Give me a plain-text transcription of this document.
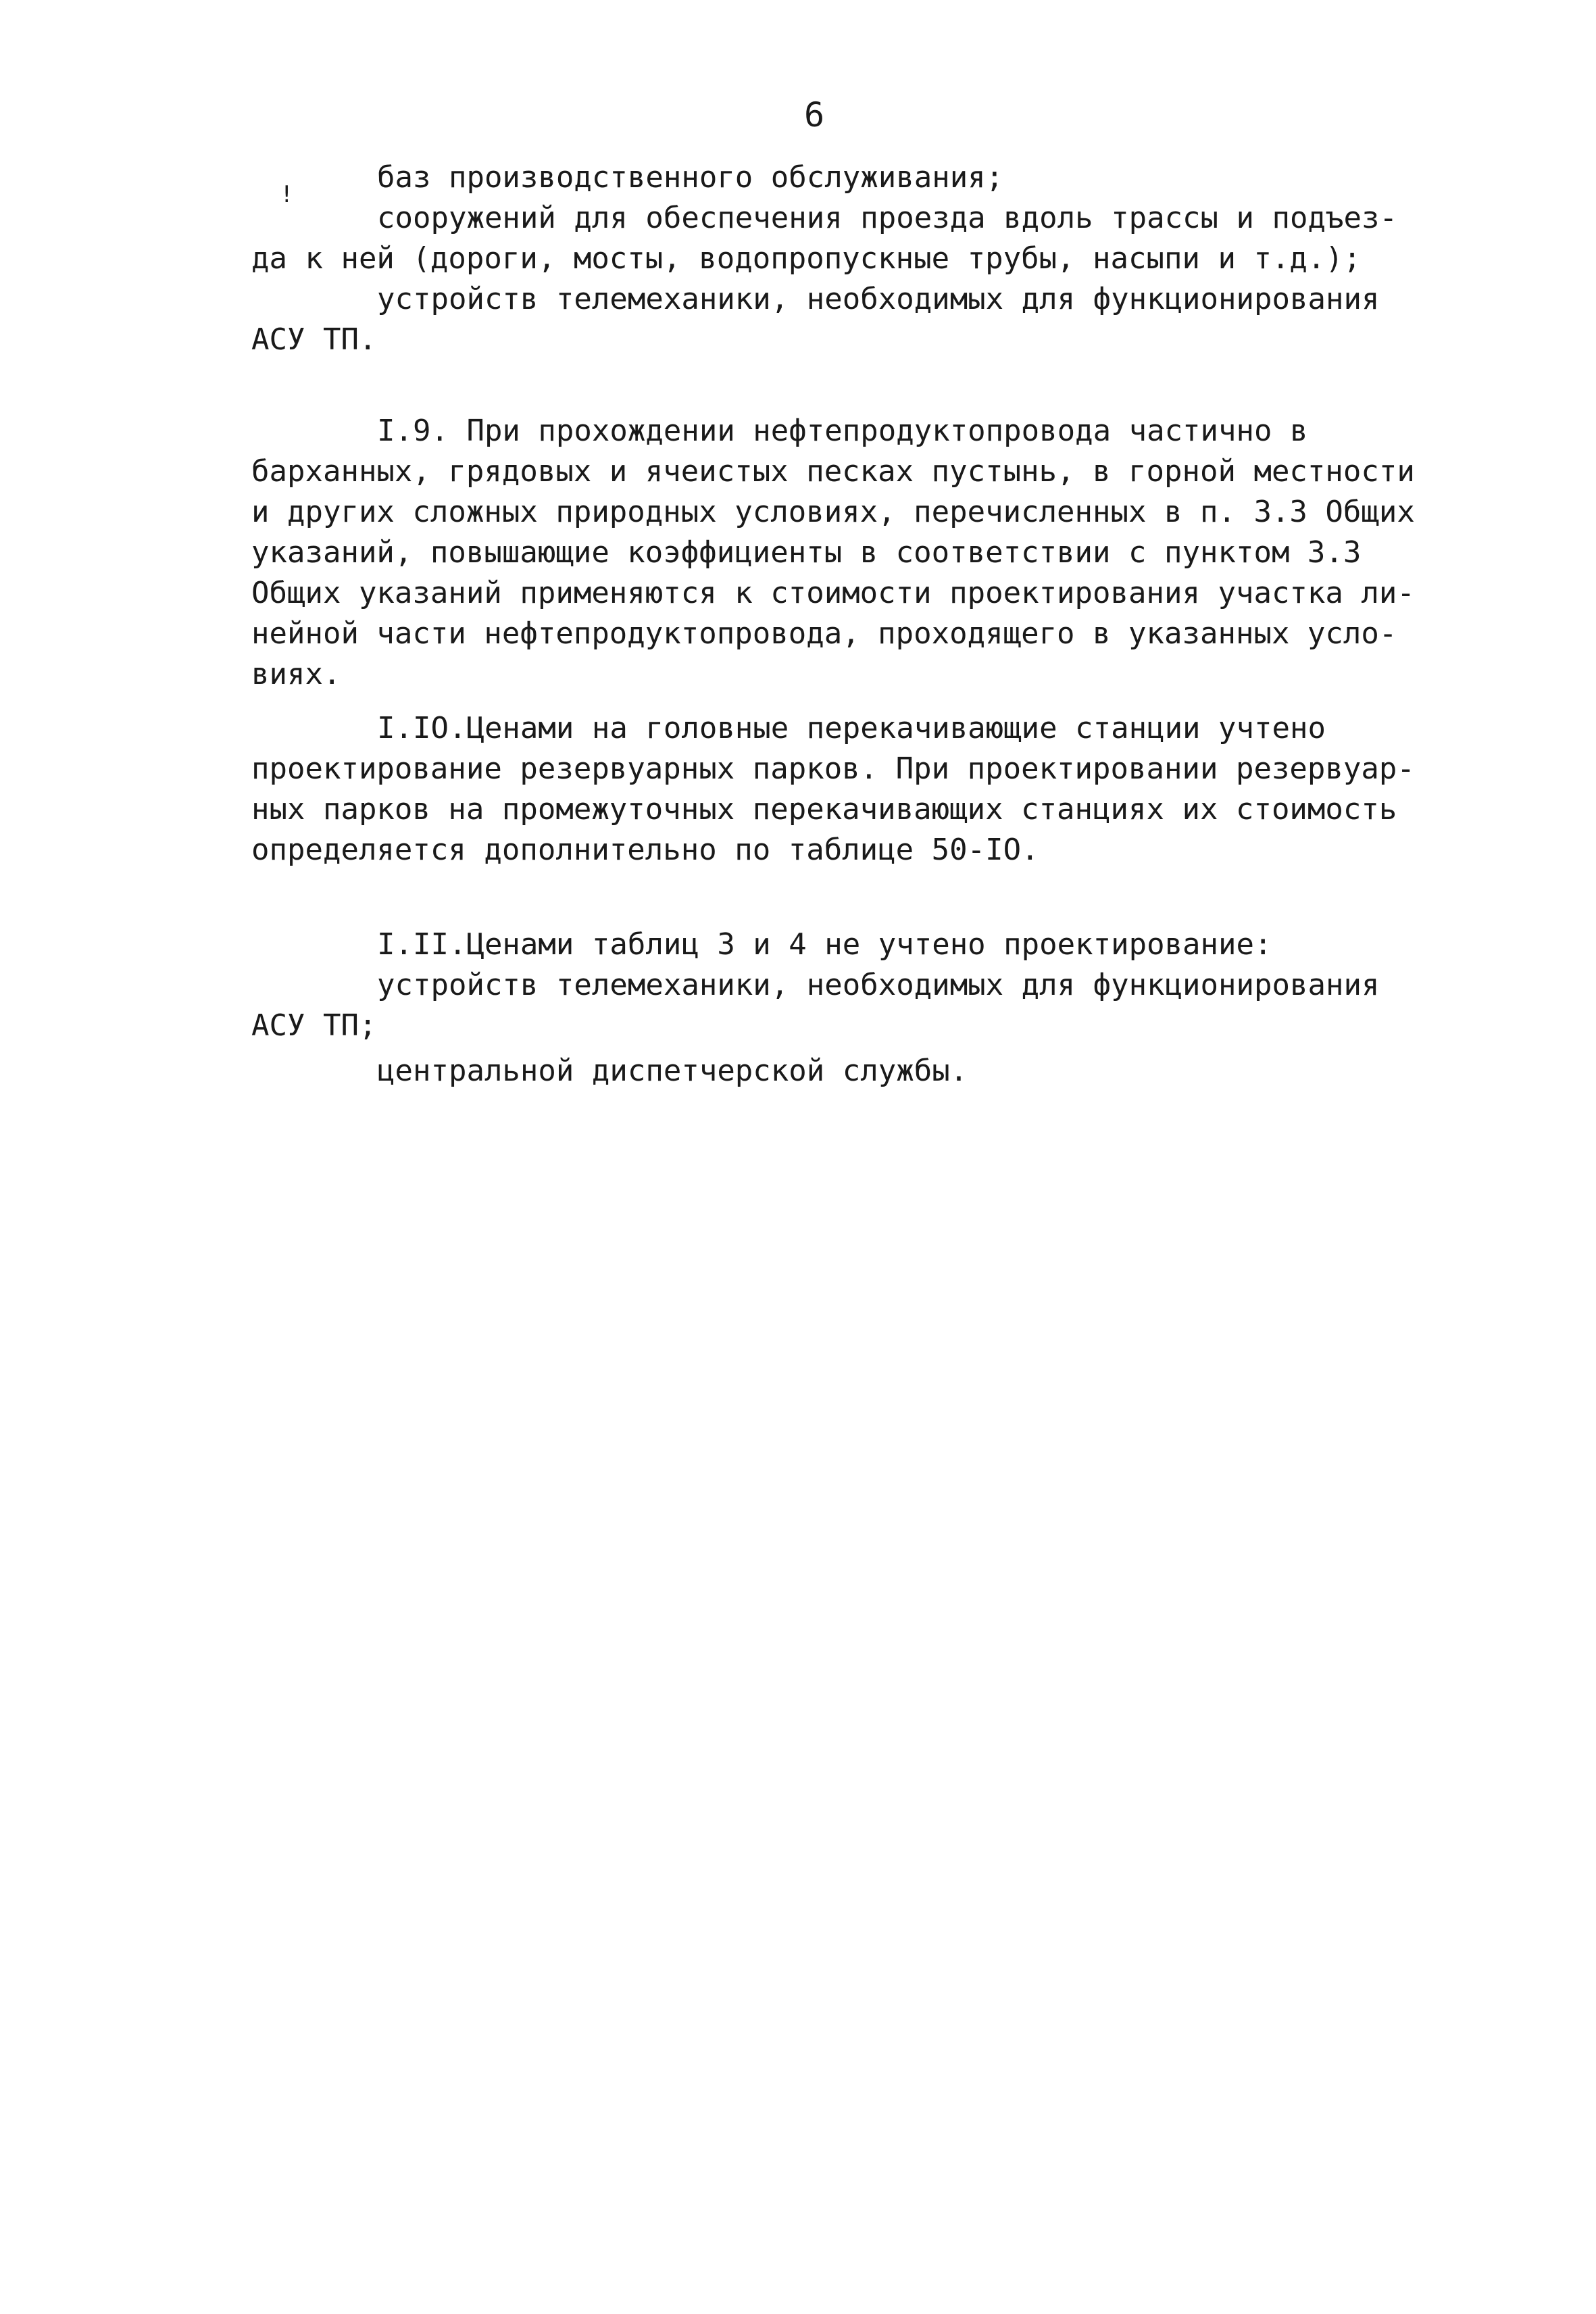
6
!	баз производственного обслуживания;
сооружений для обеспечения проезда вдоль трассы и подъез-
да к ней (дороги, мосты, водопропускные трубы, насыпи и т.д.);
устройств телемеханики, необходимых для функционирования
АСУ ТП.
I.9. При прохождении нефтепродуктопровода частично в
барханных, грядовых и ячеистых песках пустынь, в горной местности
и других сложных природных условиях, перечисленных в п. 3.3 Общих
указаний, повышающие коэффициенты в соответствии с пунктом 3.3
Общих указаний применяются к стоимости проектирования участка ли-
нейной части нефтепродуктопровода, проходящего в указанных усло-
виях.
I.IO.Ценами на головные перекачивающие станции учтено
проектирование резервуарных парков. При проектировании резервуар-
ных парков на промежуточных перекачивающих станциях их стоимость
определяется дополнительно по таблице 50-IO.
I.II.Ценами таблиц 3 и 4 не учтено проектирование:
устройств телемеханики, необходимых для функционирования
АСУ ТП;
центральной диспетчерской службы.
